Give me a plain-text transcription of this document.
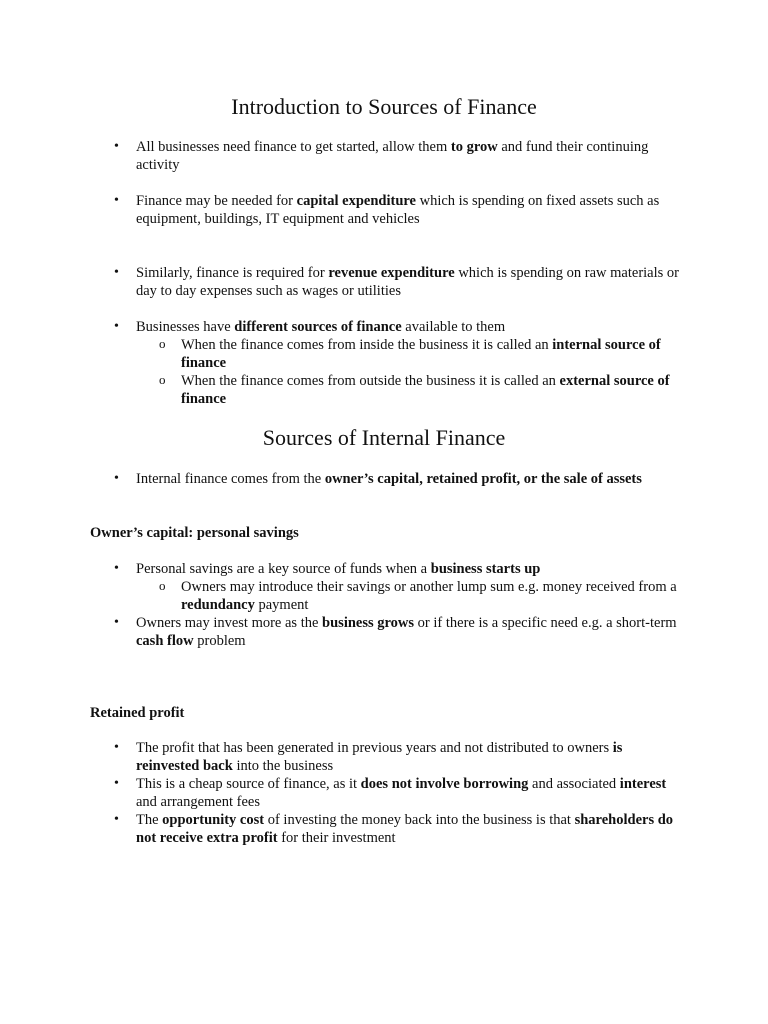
Introduction to Sources of Finance
• All businesses need finance to get started, allow them to grow and fund their continuing activity
• Finance may be needed for capital expenditure which is spending on fixed assets such as equipment, buildings, IT equipment and vehicles
• Similarly, finance is required for revenue expenditure which is spending on raw materials or day to day expenses such as wages or utilities
• Businesses have different sources of finance available to them
o When the finance comes from inside the business it is called an internal source of finance
o When the finance comes from outside the business it is called an external source of finance
Sources of Internal Finance
• Internal finance comes from the owner’s capital, retained profit, or the sale of assets
Owner’s capital: personal savings
• Personal savings are a key source of funds when a business starts up
o Owners may introduce their savings or another lump sum e.g. money received from a redundancy payment
• Owners may invest more as the business grows or if there is a specific need e.g. a short-term cash flow problem
Retained profit
• The profit that has been generated in previous years and not distributed to owners is reinvested back into the business
• This is a cheap source of finance, as it does not involve borrowing and associated interest and arrangement fees
• The opportunity cost of investing the money back into the business is that shareholders do not receive extra profit for their investment
